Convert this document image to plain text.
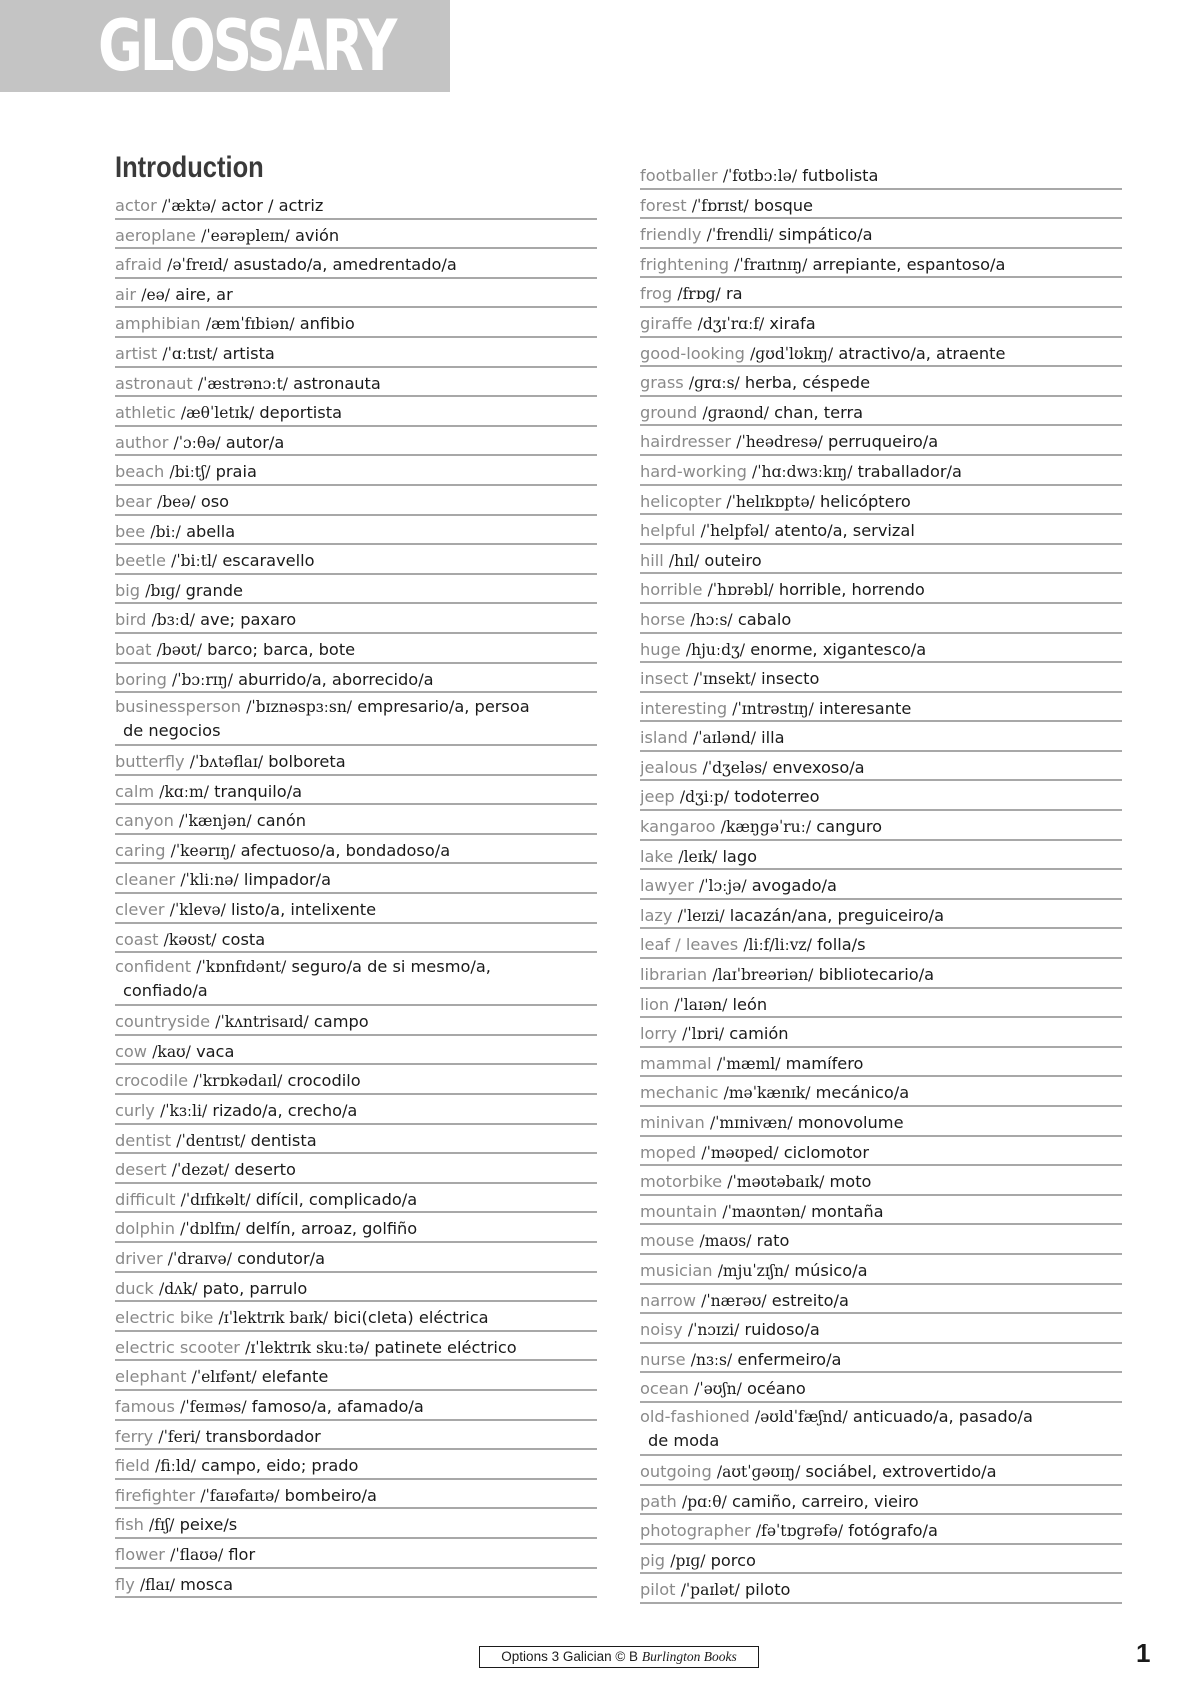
GLOSSARY
Introduction
actor /ˈæktə/ actor / actriz
aeroplane /ˈeərəpleɪn/ avión
afraid /əˈfreɪd/ asustado/a, amedrentado/a
air /eə/ aire, ar
amphibian /æmˈfɪbiən/ anfibio
artist /ˈɑːtɪst/ artista
astronaut /ˈæstrənɔːt/ astronauta
athletic /æθˈletɪk/ deportista
author /ˈɔːθə/ autor/a
beach /biːtʃ/ praia
bear /beə/ oso
bee /biː/ abella
beetle /ˈbiːtl/ escaravello
big /bɪɡ/ grande
bird /bɜːd/ ave; paxaro
boat /bəʊt/ barco; barca, bote
boring /ˈbɔːrɪŋ/ aburrido/a, aborrecido/a
businessperson /ˈbɪznəspɜːsn/ empresario/a, persoa
de negocios
butterfly /ˈbʌtəflaɪ/ bolboreta
calm /kɑːm/ tranquilo/a
canyon /ˈkænjən/ canón
caring /ˈkeərɪŋ/ afectuoso/a, bondadoso/a
cleaner /ˈkliːnə/ limpador/a
clever /ˈklevə/ listo/a, intelixente
coast /kəʊst/ costa
confident /ˈkɒnfɪdənt/ seguro/a de si mesmo/a,
confiado/a
countryside /ˈkʌntrisaɪd/ campo
cow /kaʊ/ vaca
crocodile /ˈkrɒkədaɪl/ crocodilo
curly /ˈkɜːli/ rizado/a, crecho/a
dentist /ˈdentɪst/ dentista
desert /ˈdezət/ deserto
difficult /ˈdɪfɪkəlt/ difícil, complicado/a
dolphin /ˈdɒlfɪn/ delfín, arroaz, golfiño
driver /ˈdraɪvə/ condutor/a
duck /dʌk/ pato, parrulo
electric bike /ɪˈlektrɪk baɪk/ bici(cleta) eléctrica
electric scooter /ɪˈlektrɪk skuːtə/ patinete eléctrico
elephant /ˈelɪfənt/ elefante
famous /ˈfeɪməs/ famoso/a, afamado/a
ferry /ˈferi/ transbordador
field /fiːld/ campo, eido; prado
firefighter /ˈfaɪəfaɪtə/ bombeiro/a
fish /fɪʃ/ peixe/s
flower /ˈflaʊə/ flor
fly /flaɪ/ mosca
footballer /ˈfʊtbɔːlə/ futbolista
forest /ˈfɒrɪst/ bosque
friendly /ˈfrendli/ simpático/a
frightening /ˈfraɪtnɪŋ/ arrepiante, espantoso/a
frog /frɒɡ/ ra
giraffe /dʒɪˈrɑːf/ xirafa
good-looking /ɡʊdˈlʊkɪŋ/ atractivo/a, atraente
grass /ɡrɑːs/ herba, céspede
ground /ɡraʊnd/ chan, terra
hairdresser /ˈheədresə/ perruqueiro/a
hard-working /ˈhɑːdwɜːkɪŋ/ traballador/a
helicopter /ˈhelɪkɒptə/ helicóptero
helpful /ˈhelpfəl/ atento/a, servizal
hill /hɪl/ outeiro
horrible /ˈhɒrəbl/ horrible, horrendo
horse /hɔːs/ cabalo
huge /hjuːdʒ/ enorme, xigantesco/a
insect /ˈɪnsekt/ insecto
interesting /ˈɪntrəstɪŋ/ interesante
island /ˈaɪlənd/ illa
jealous /ˈdʒeləs/ envexoso/a
jeep /dʒiːp/ todoterreo
kangaroo /kæŋɡəˈruː/ canguro
lake /leɪk/ lago
lawyer /ˈlɔːjə/ avogado/a
lazy /ˈleɪzi/ lacazán/ana, preguiceiro/a
leaf / leaves /liːf/liːvz/ folla/s
librarian /laɪˈbreəriən/ bibliotecario/a
lion /ˈlaɪən/ león
lorry /ˈlɒri/ camión
mammal /ˈmæml/ mamífero
mechanic /məˈkænɪk/ mecánico/a
minivan /ˈmɪnivæn/ monovolume
moped /ˈməʊped/ ciclomotor
motorbike /ˈməʊtəbaɪk/ moto
mountain /ˈmaʊntən/ montaña
mouse /maʊs/ rato
musician /mjuˈzɪʃn/ músico/a
narrow /ˈnærəʊ/ estreito/a
noisy /ˈnɔɪzi/ ruidoso/a
nurse /nɜːs/ enfermeiro/a
ocean /ˈəʊʃn/ océano
old-fashioned /əʊldˈfæʃnd/ anticuado/a, pasado/a
de moda
outgoing /aʊtˈɡəʊɪŋ/ sociábel, extrovertido/a
path /pɑːθ/ camiño, carreiro, vieiro
photographer /fəˈtɒɡrəfə/ fotógrafo/a
pig /pɪɡ/ porco
pilot /ˈpaɪlət/ piloto
Options 3 Galician © B Burlington Books	1
